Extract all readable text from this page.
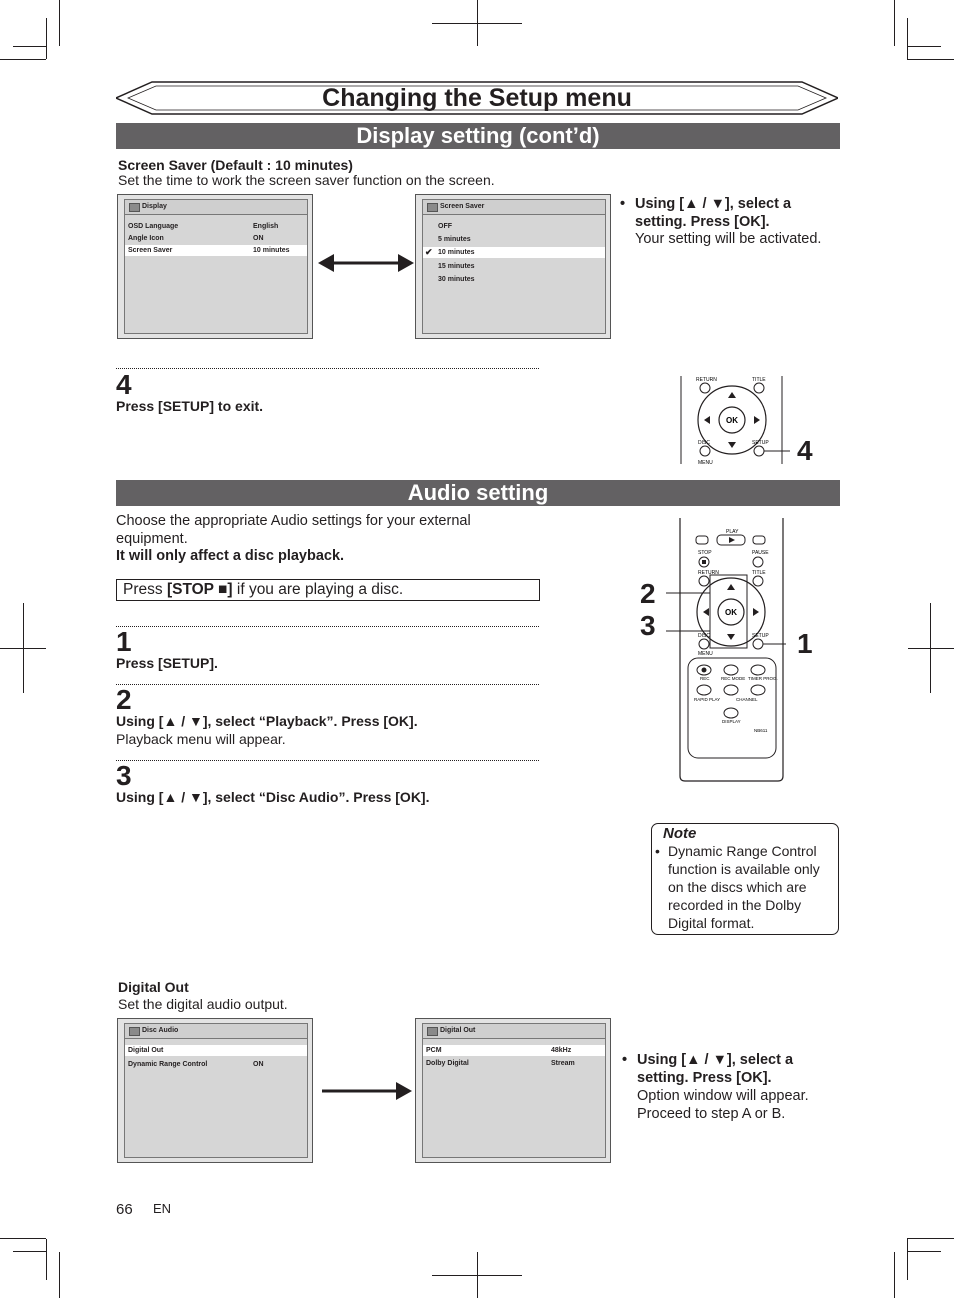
Changing the Setup menu
Display setting (cont’d)
Screen Saver (Default : 10 minutes)
Set the time to work the screen saver function on the screen.
Display
OSD Language	English
Angle Icon	ON
Screen Saver	10 minutes
Screen Saver
OFF
5 minutes
✔ 10 minutes
15 minutes
30 minutes
• Using [▲ / ▼], select a setting. Press [OK].
Your setting will be activated.
4
Press [SETUP] to exit.
RETURN	TITLE
OK
DISC
MENU
SETUP 4
Audio setting
Choose the appropriate Audio settings for your external equipment.
It will only affect a disc playback.
Press [STOP ■] if you are playing a disc.
1
Press [SETUP].
2
Using [▲ / ▼], select “Playback”. Press [OK].
Playback menu will appear.
3
Using [▲ / ▼], select “Disc Audio”. Press [OK].
PLAY
STOP	PAUSE
RETURN	TITLE
OK
DISC	SETUP
MENU
REC	REC MODE TIMER PROG.
RAPID PLAY	CHANNEL
DISPLAY
NB611
2
3
1
Note
• Dynamic Range Control function is available only on the discs which are recorded in the Dolby Digital format.
Digital Out
Set the digital audio output.
Disc Audio
Digital Out
Dynamic Range Control	ON
Digital Out
PCM	48kHz
Dolby Digital	Stream	• Using [▲ / ▼], select a setting. Press [OK].
Option window will appear. Proceed to step A or B.
66 EN
